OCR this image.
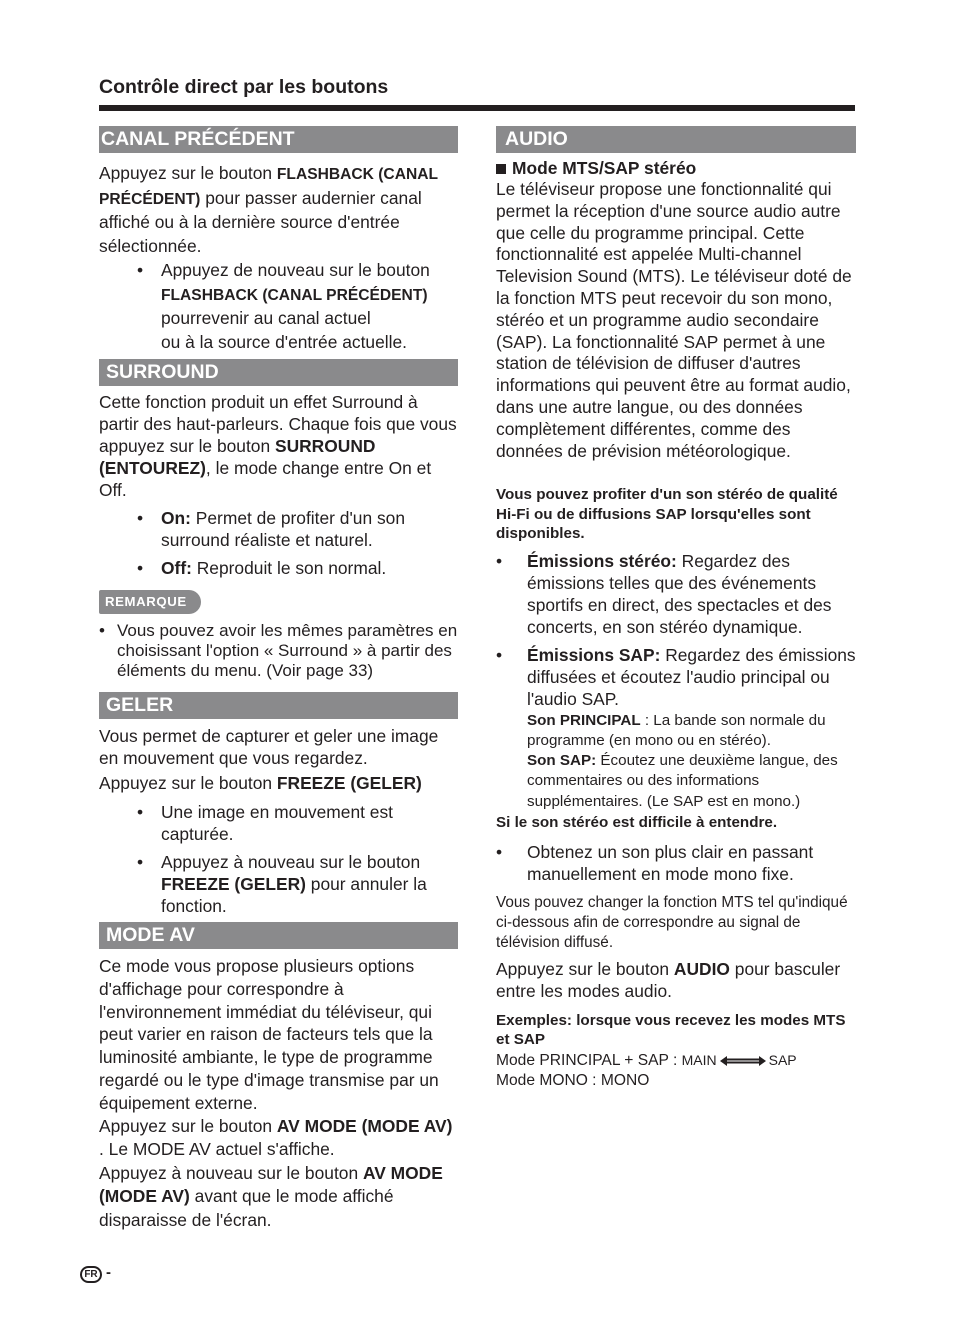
Contrôle direct par les boutons
CANAL PRÉCÉDENT
Appuyez sur le bouton FLASHBACK (CANAL
PRÉCÉDENT) pour passer audernier canal
affiché ou à la dernière source d'entrée
sélectionnée.
• Appuyez de nouveau sur le bouton
FLASHBACK (CANAL PRÉCÉDENT)
pourrevenir au canal actuel
ou à la source d'entrée actuelle.
SURROUND

Cette fonction produit un effet Surround à partir des haut-parleurs. Chaque fois que vous appuyez sur le bouton SURROUND (ENTOUREZ), le mode change entre On et Off.

• On: Permet de profiter d'un son surround réaliste et naturel.
• Off: Reproduit le son normal.
REMARQUE
• Vous pouvez avoir les mêmes paramètres en choisissant l'option « Surround » à partir des éléments du menu. (Voir page 33)
GELER

Vous permet de capturer et geler une image en mouvement que vous regardez.

Appuyez sur le bouton FREEZE (GELER)

• Une image en mouvement est capturée.
• Appuyez à nouveau sur le bouton FREEZE (GELER) pour annuler la fonction.
MODE AV

Ce mode vous propose plusieurs options d'affichage pour correspondre à l'environnement immédiat du téléviseur, qui peut varier en raison de facteurs tels que la luminosité ambiante, le type de programme regardé ou le type d'image transmise par un équipement externe.

Appuyez sur le bouton AV MODE (MODE AV) . Le MODE AV actuel s'affiche.

Appuyez à nouveau sur le bouton AV MODE (MODE AV) avant que le mode affiché disparaisse de l'écran.

AUDIO

Mode MTS/SAP stéréo

Le téléviseur propose une fonctionnalité qui permet la réception d'une source audio autre que celle du programme principal. Cette fonctionnalité est appelée Multi-channel Television Sound (MTS). Le téléviseur doté de la fonction MTS peut recevoir du son mono, stéréo et un programme audio secondaire (SAP). La fonctionnalité SAP permet à une station de télévision de diffuser d'autres informations qui peuvent être au format audio, dans une autre langue, ou des données complètement différentes, comme des données de prévision météorologique.

Vous pouvez profiter d'un son stéréo de qualité Hi-Fi ou de diffusions SAP lorsqu'elles sont disponibles.

• Émissions stéréo: Regardez des émissions telles que des événements sportifs en direct, des spectacles et des concerts, en son stéréo dynamique.
• Émissions SAP: Regardez des émissions diffusées et écoutez l'audio principal ou l'audio SAP.
Son PRINCIPAL : La bande son normale du programme (en mono ou en stéréo).
Son SAP: Écoutez une deuxième langue, des commentaires ou des informations supplémentaires. (Le SAP est en mono.)

Si le son stéréo est difficile à entendre.

• Obtenez un son plus clair en passant manuellement en mode mono fixe.

Vous pouvez changer la fonction MTS tel qu'indiqué ci-dessous afin de correspondre au signal de télévision diffusé.

Appuyez sur le bouton AUDIO pour basculer entre les modes audio.

Exemples: lorsque vous recevez les modes MTS et SAP

Mode PRINCIPAL + SAP : MAIN	SAP

Mode MONO : MONO

FR -
